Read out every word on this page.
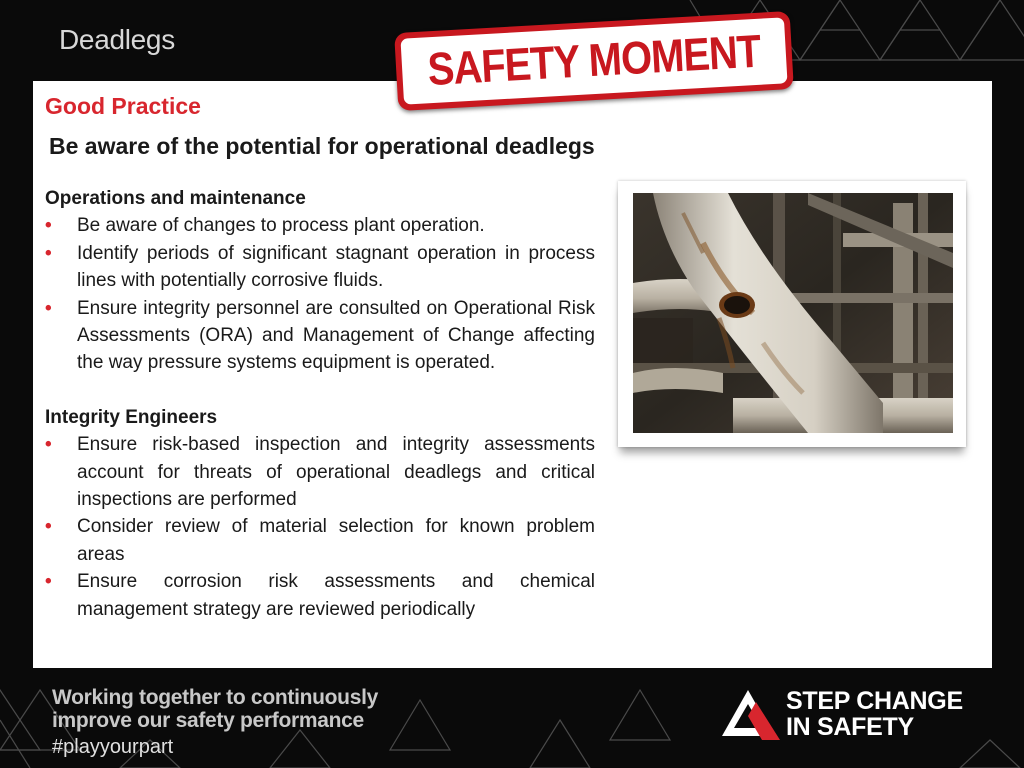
Deadlegs
Good Practice
Be aware of the potential for operational deadlegs
Operations and maintenance
• Be aware of changes to process plant operation.
• Identify periods of significant stagnant operation in process lines with potentially corrosive fluids.
• Ensure integrity personnel are consulted on Operational Risk Assessments (ORA) and Management of Change affecting the way pressure systems equipment is operated.
Integrity Engineers
• Ensure risk-based inspection and integrity assessments account for threats of operational deadlegs and critical inspections are performed
• Consider review of material selection for known problem areas
• Ensure corrosion risk assessments and chemical management strategy are reviewed periodically
SAFETY MOMENT
Working together to continuously
improve our safety performance
#playyourpart
STEP CHANGE
IN SAFETY
